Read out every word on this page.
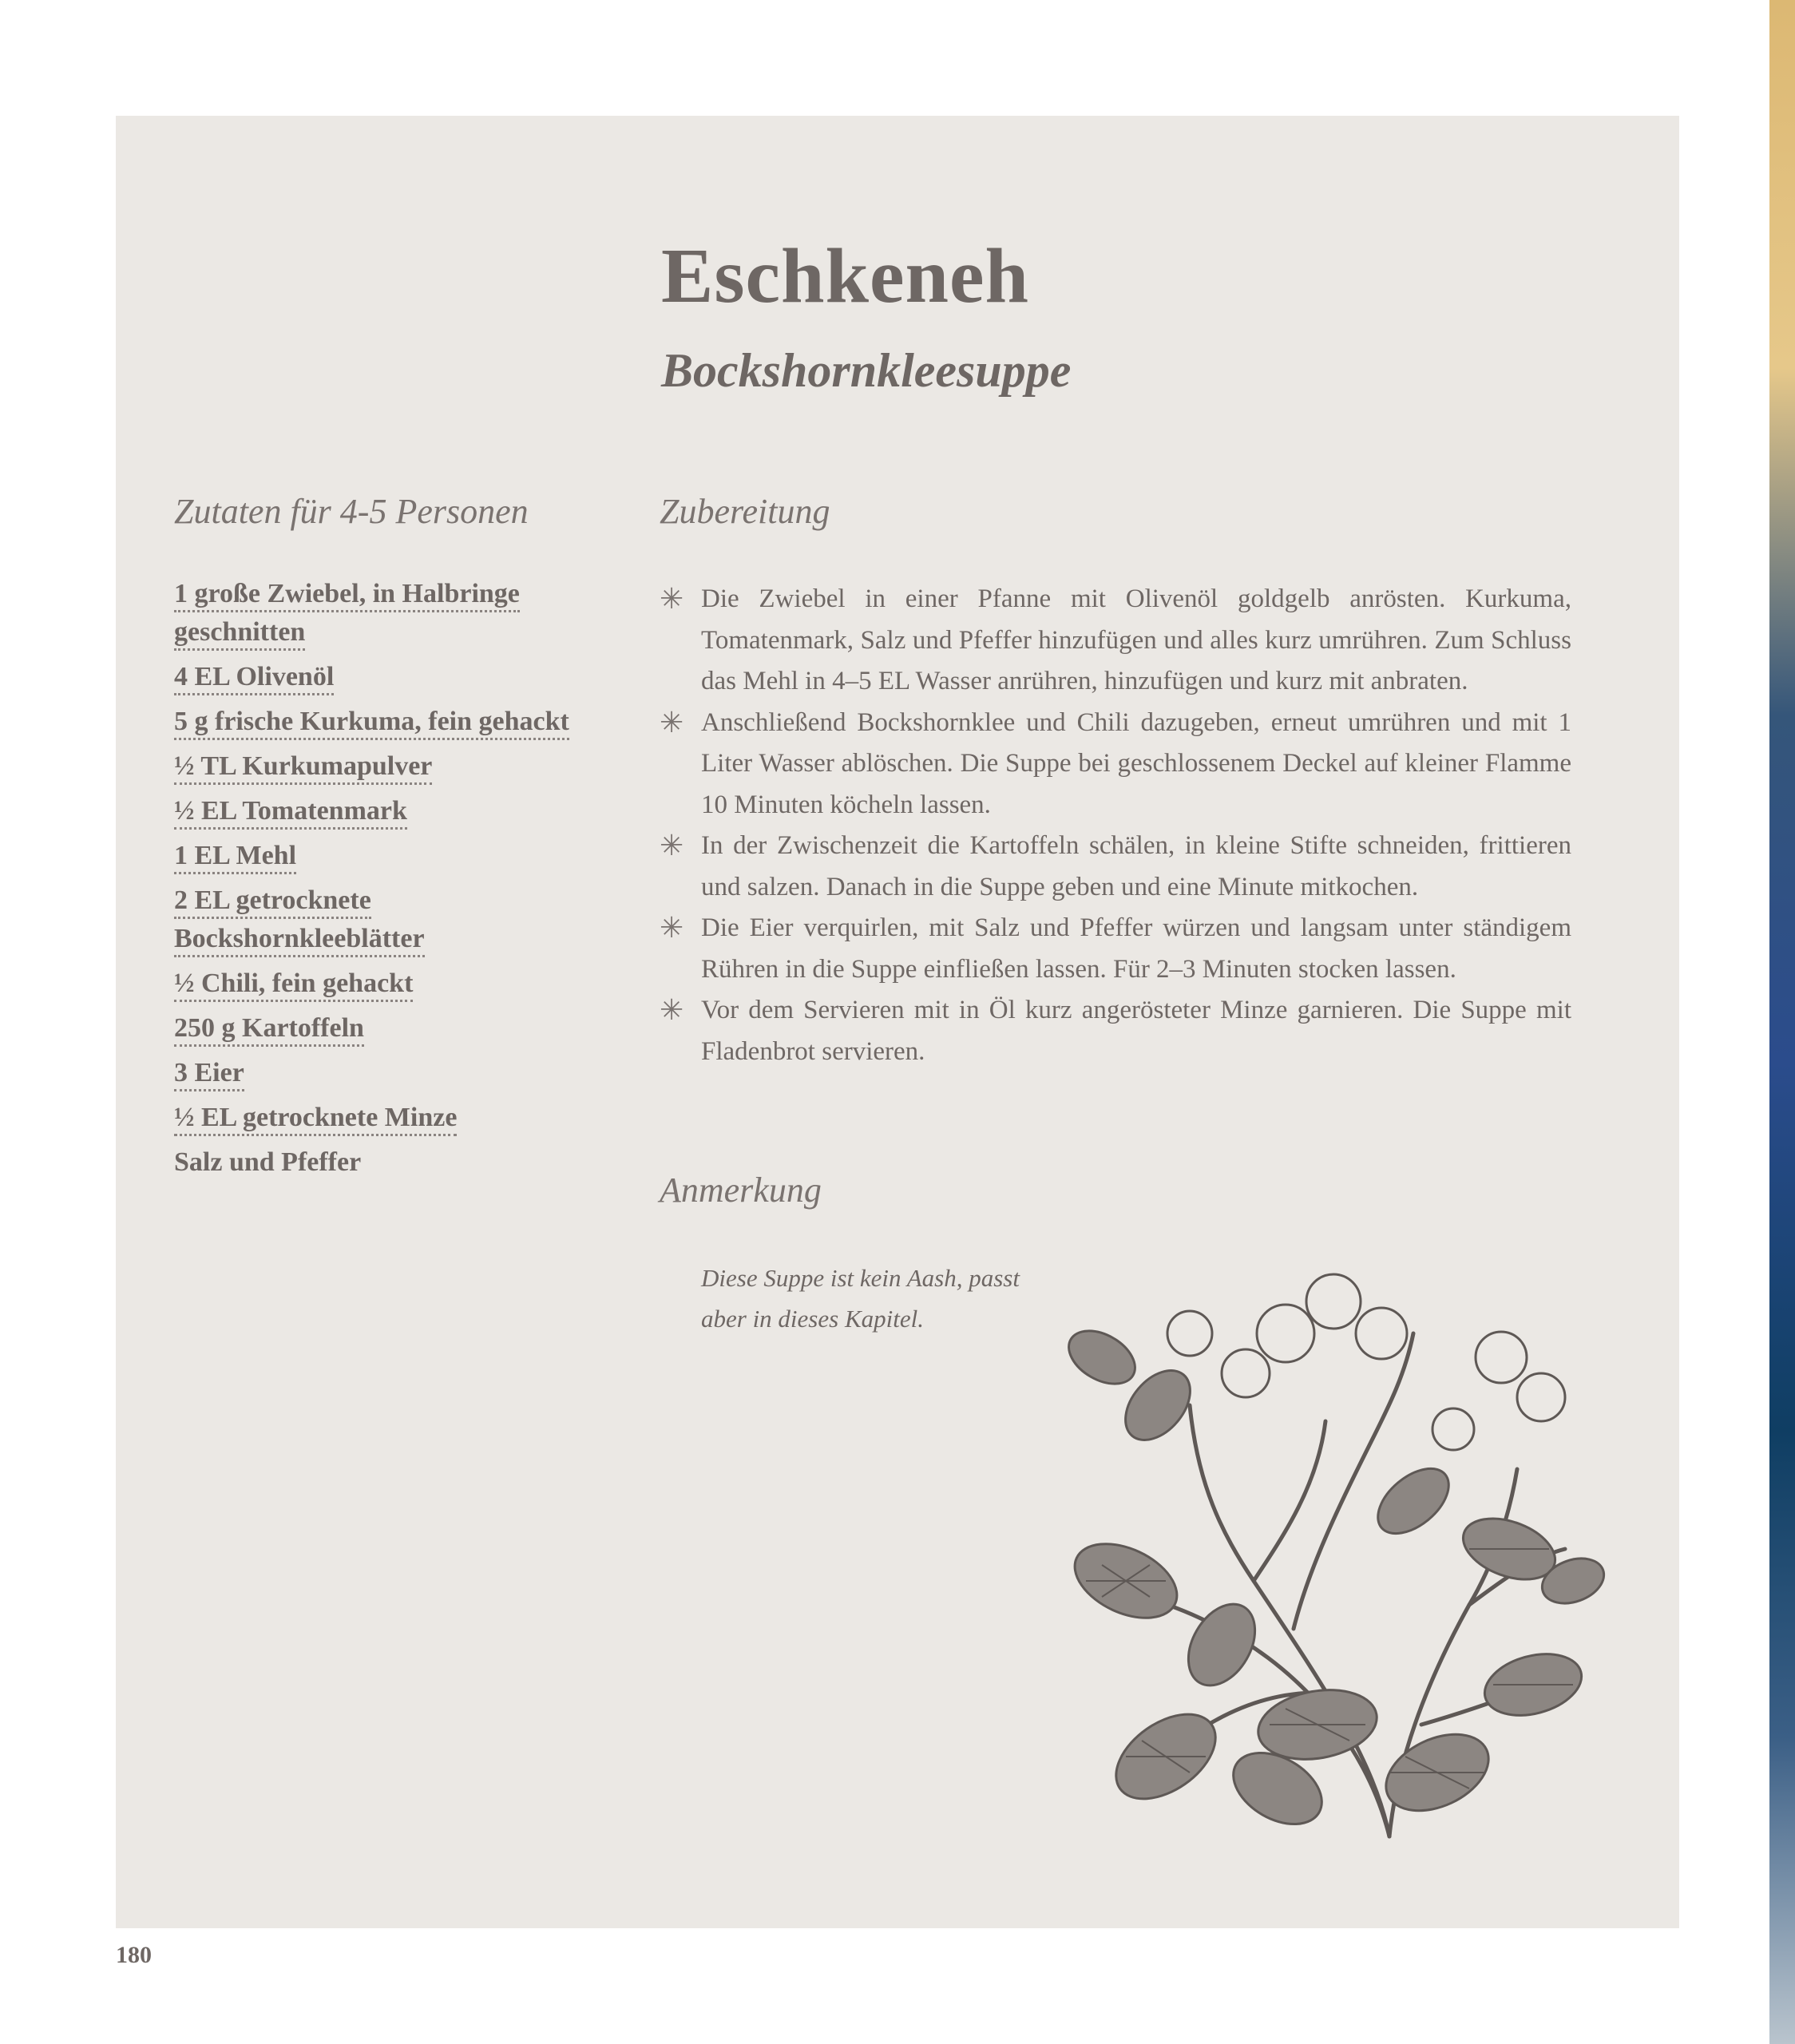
Eschkeneh
Bockshornkleesuppe
Zutaten für 4-5 Personen
1 große Zwiebel, in Halbringe geschnitten
4 EL Olivenöl
5 g frische Kurkuma, fein gehackt
½ TL Kurkumapulver
½ EL Tomatenmark
1 EL Mehl
2 EL getrocknete Bockshornkleeblätter
½ Chili, fein gehackt
250 g Kartoffeln
3 Eier
½ EL getrocknete Minze
Salz und Pfeffer
Zubereitung
✳ Die Zwiebel in einer Pfanne mit Olivenöl goldgelb anrösten. Kurkuma, Tomatenmark, Salz und Pfeffer hinzufügen und alles kurz umrühren. Zum Schluss das Mehl in 4–5 EL Wasser anrühren, hinzufügen und kurz mit anbraten.
✳ Anschließend Bockshornklee und Chili dazugeben, erneut umrühren und mit 1 Liter Wasser ablöschen. Die Suppe bei geschlossenem Deckel auf kleiner Flamme 10 Minuten köcheln lassen.
✳ In der Zwischenzeit die Kartoffeln schälen, in kleine Stifte schneiden, frittieren und salzen. Danach in die Suppe geben und eine Minute mitkochen.
✳ Die Eier verquirlen, mit Salz und Pfeffer würzen und langsam unter ständigem Rühren in die Suppe einfließen lassen. Für 2–3 Minuten stocken lassen.
✳ Vor dem Servieren mit in Öl kurz angerösteter Minze garnieren. Die Suppe mit Fladenbrot servieren.
Anmerkung

Diese Suppe ist kein Aash, passt aber in dieses Kapitel.

180
